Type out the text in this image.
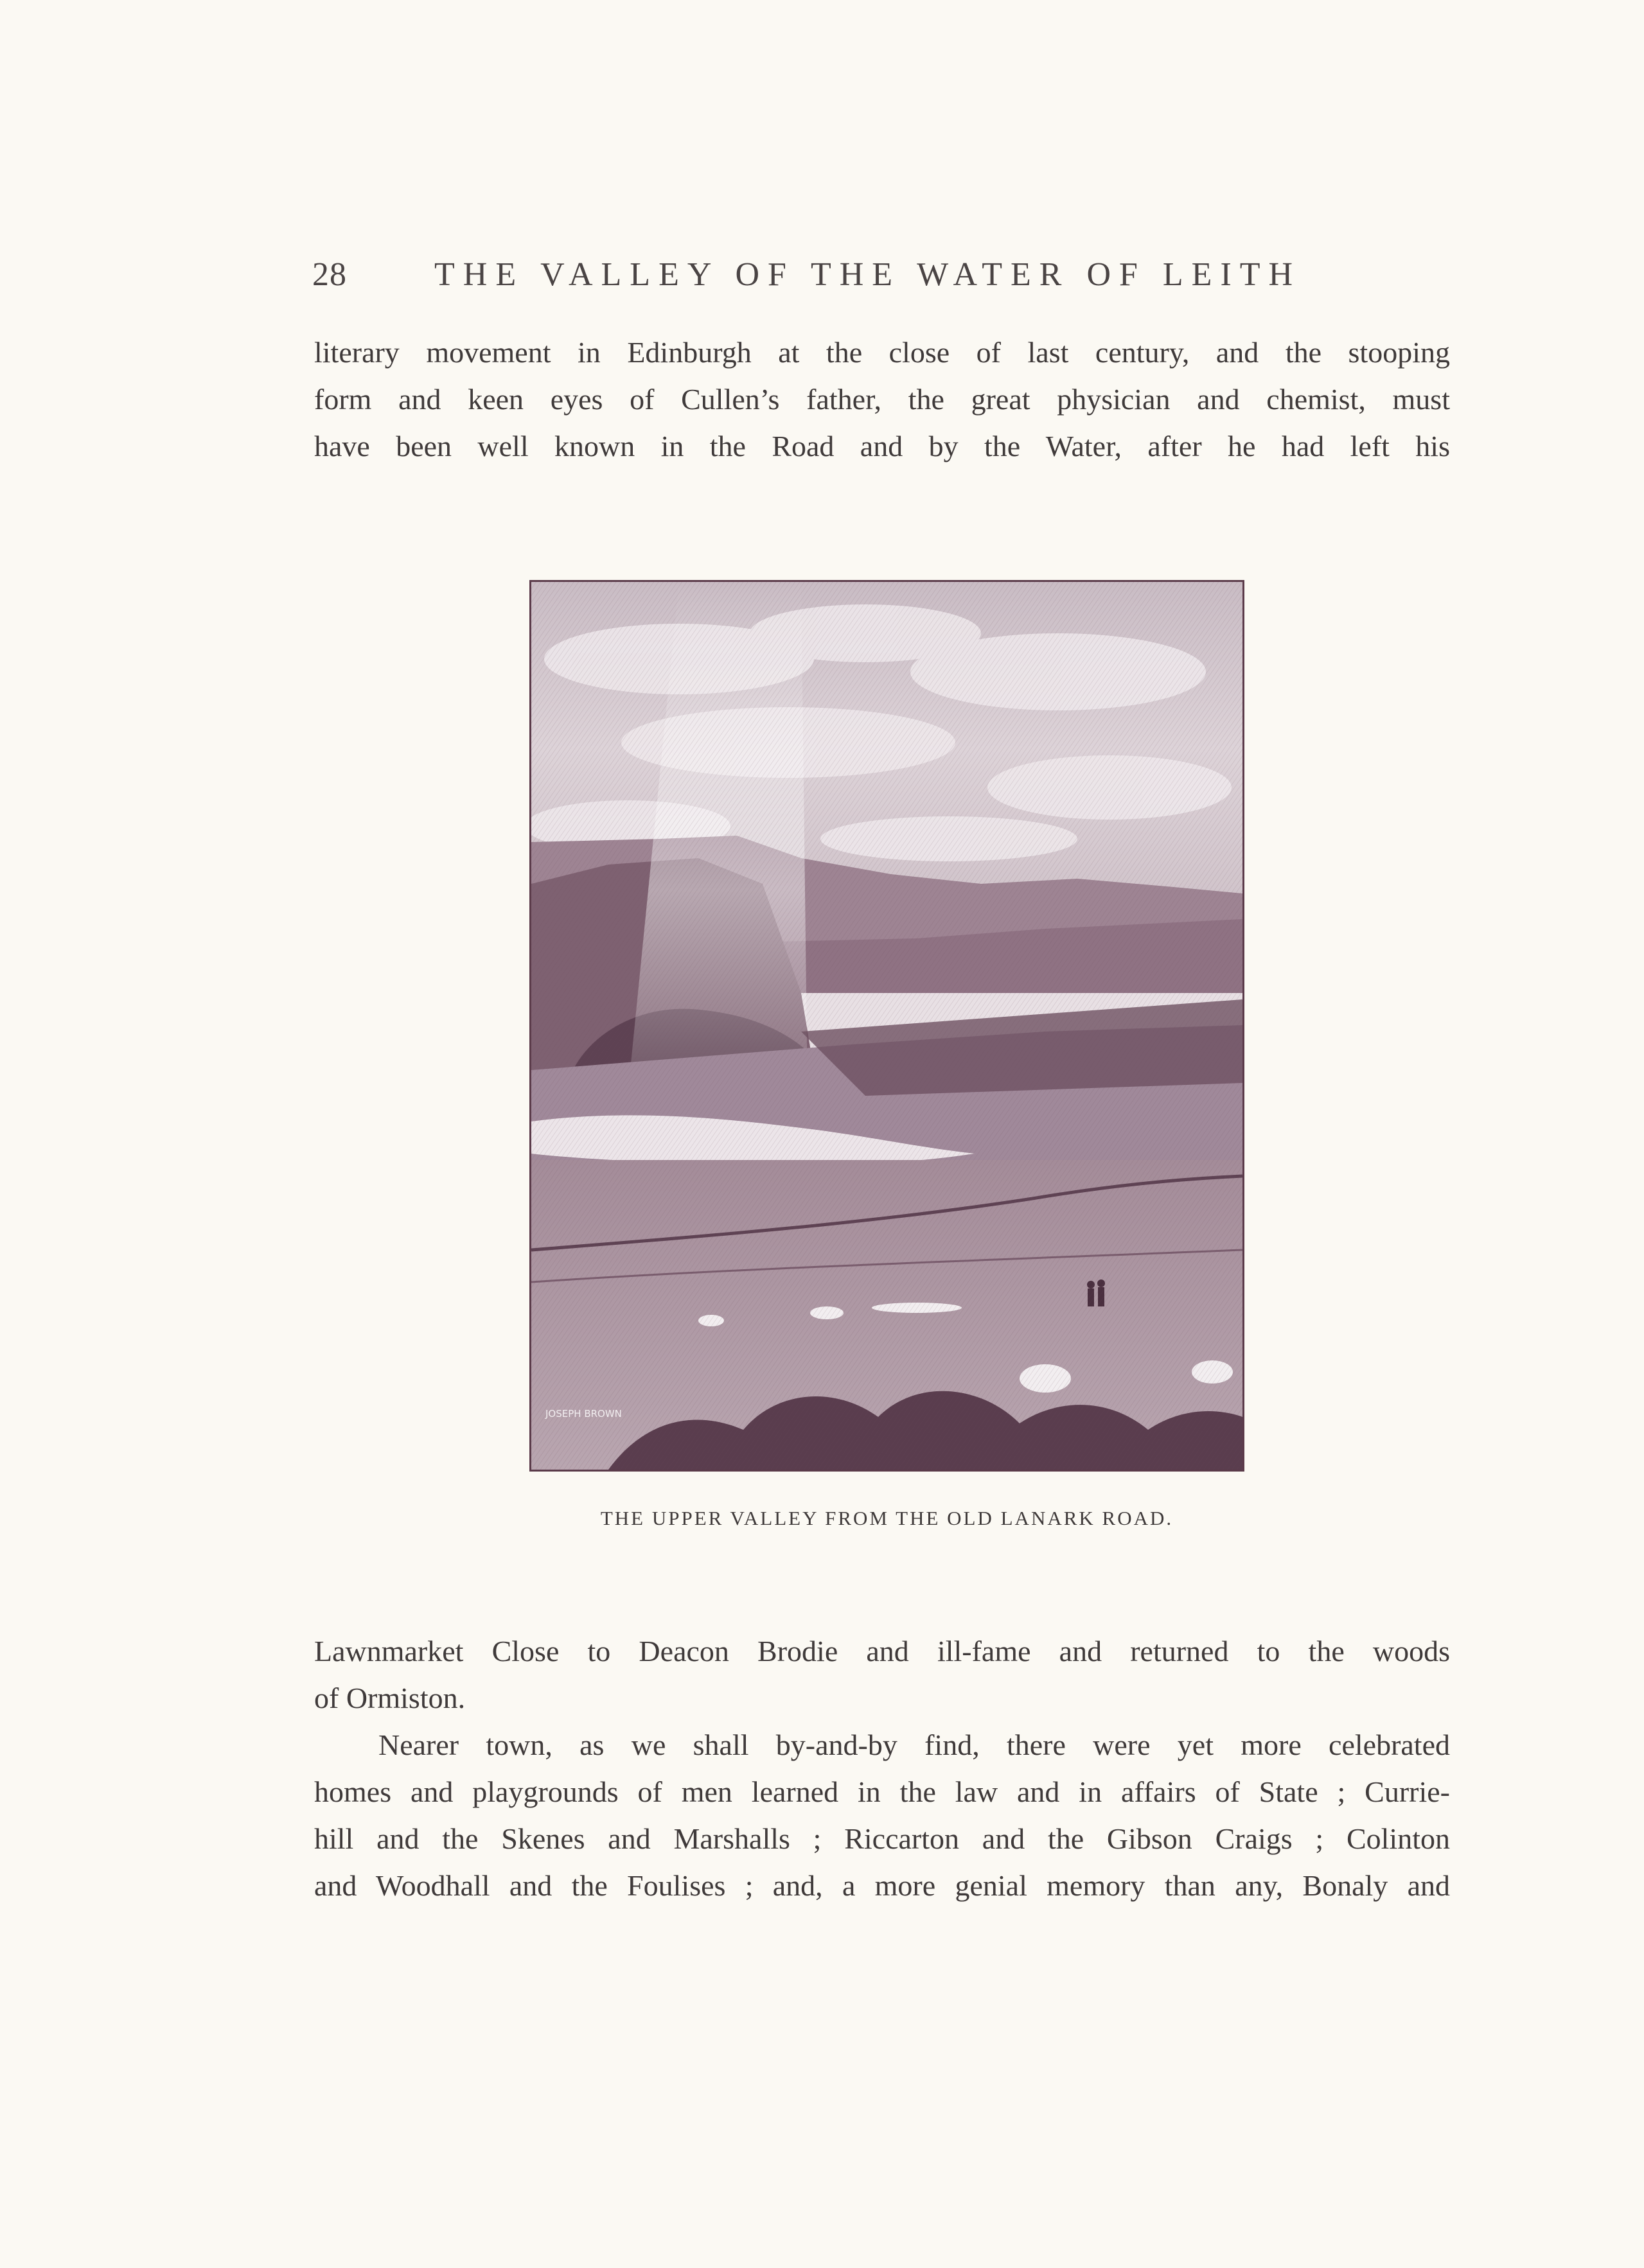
28	THE VALLEY OF THE WATER OF LEITH

literary movement in Edinburgh at the close of last century, and the stooping

form and keen eyes of Cullen’s father, the great physician and chemist, must

have been well known in the Road and by the Water, after he had left his

JOSEPH BROWN
THE UPPER VALLEY FROM THE OLD LANARK ROAD.

Lawnmarket Close to Deacon Brodie and ill-fame and returned to the woods

of Ormiston.

Nearer town, as we shall by-and-by find, there were yet more celebrated

homes and playgrounds of men learned in the law and in affairs of State ; Currie-

hill and the Skenes and Marshalls ; Riccarton and the Gibson Craigs ; Colinton

and Woodhall and the Foulises ; and, a more genial memory than any, Bonaly and
